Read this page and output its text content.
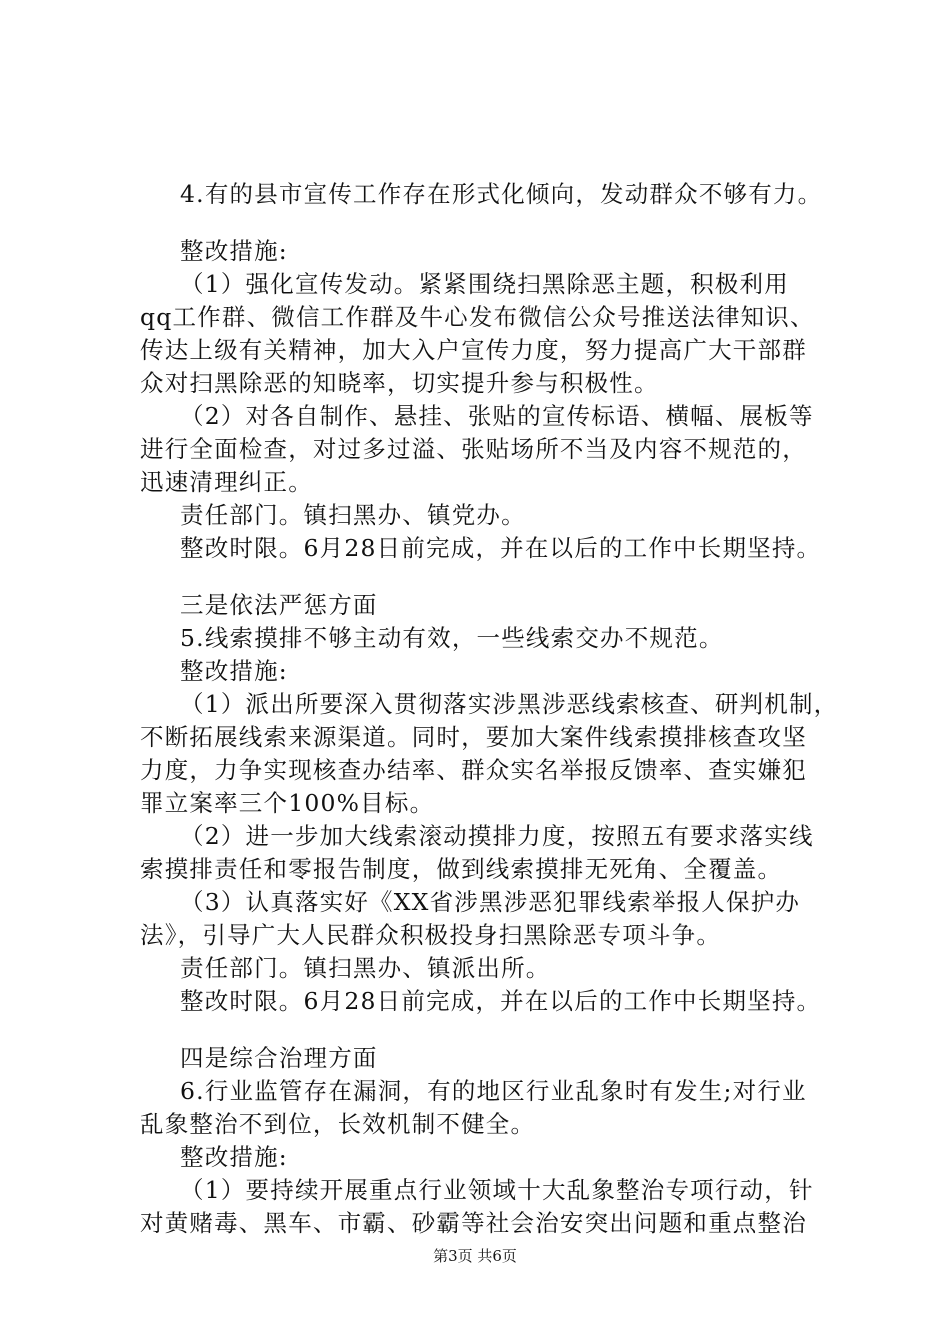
4.有的县市宣传工作存在形式化倾向，发动群众不够有力。
整改措施:
（1）强化宣传发动。紧紧围绕扫黑除恶主题，积极利用
qq工作群、微信工作群及牛心发布微信公众号推送法律知识、
传达上级有关精神，加大入户宣传力度，努力提高广大干部群
众对扫黑除恶的知晓率，切实提升参与积极性。
（2）对各自制作、悬挂、张贴的宣传标语、横幅、展板等
进行全面检查，对过多过溢、张贴场所不当及内容不规范的，
迅速清理纠正。
责任部门。镇扫黑办、镇党办。
整改时限。6月28日前完成，并在以后的工作中长期坚持。
三是依法严惩方面
5.线索摸排不够主动有效，一些线索交办不规范。
整改措施:
（1）派出所要深入贯彻落实涉黑涉恶线索核查、研判机制，
不断拓展线索来源渠道。同时，要加大案件线索摸排核查攻坚
力度，力争实现核查办结率、群众实名举报反馈率、查实嫌犯
罪立案率三个100%目标。
（2）进一步加大线索滚动摸排力度，按照五有要求落实线
索摸排责任和零报告制度，做到线索摸排无死角、全覆盖。
（3）认真落实好《XX省涉黑涉恶犯罪线索举报人保护办
法》，引导广大人民群众积极投身扫黑除恶专项斗争。
责任部门。镇扫黑办、镇派出所。
整改时限。6月28日前完成，并在以后的工作中长期坚持。
四是综合治理方面
6.行业监管存在漏洞，有的地区行业乱象时有发生;对行业
乱象整治不到位，长效机制不健全。
整改措施:
（1）要持续开展重点行业领域十大乱象整治专项行动，针
对黄赌毒、黑车、市霸、砂霸等社会治安突出问题和重点整治
第3页 共6页
